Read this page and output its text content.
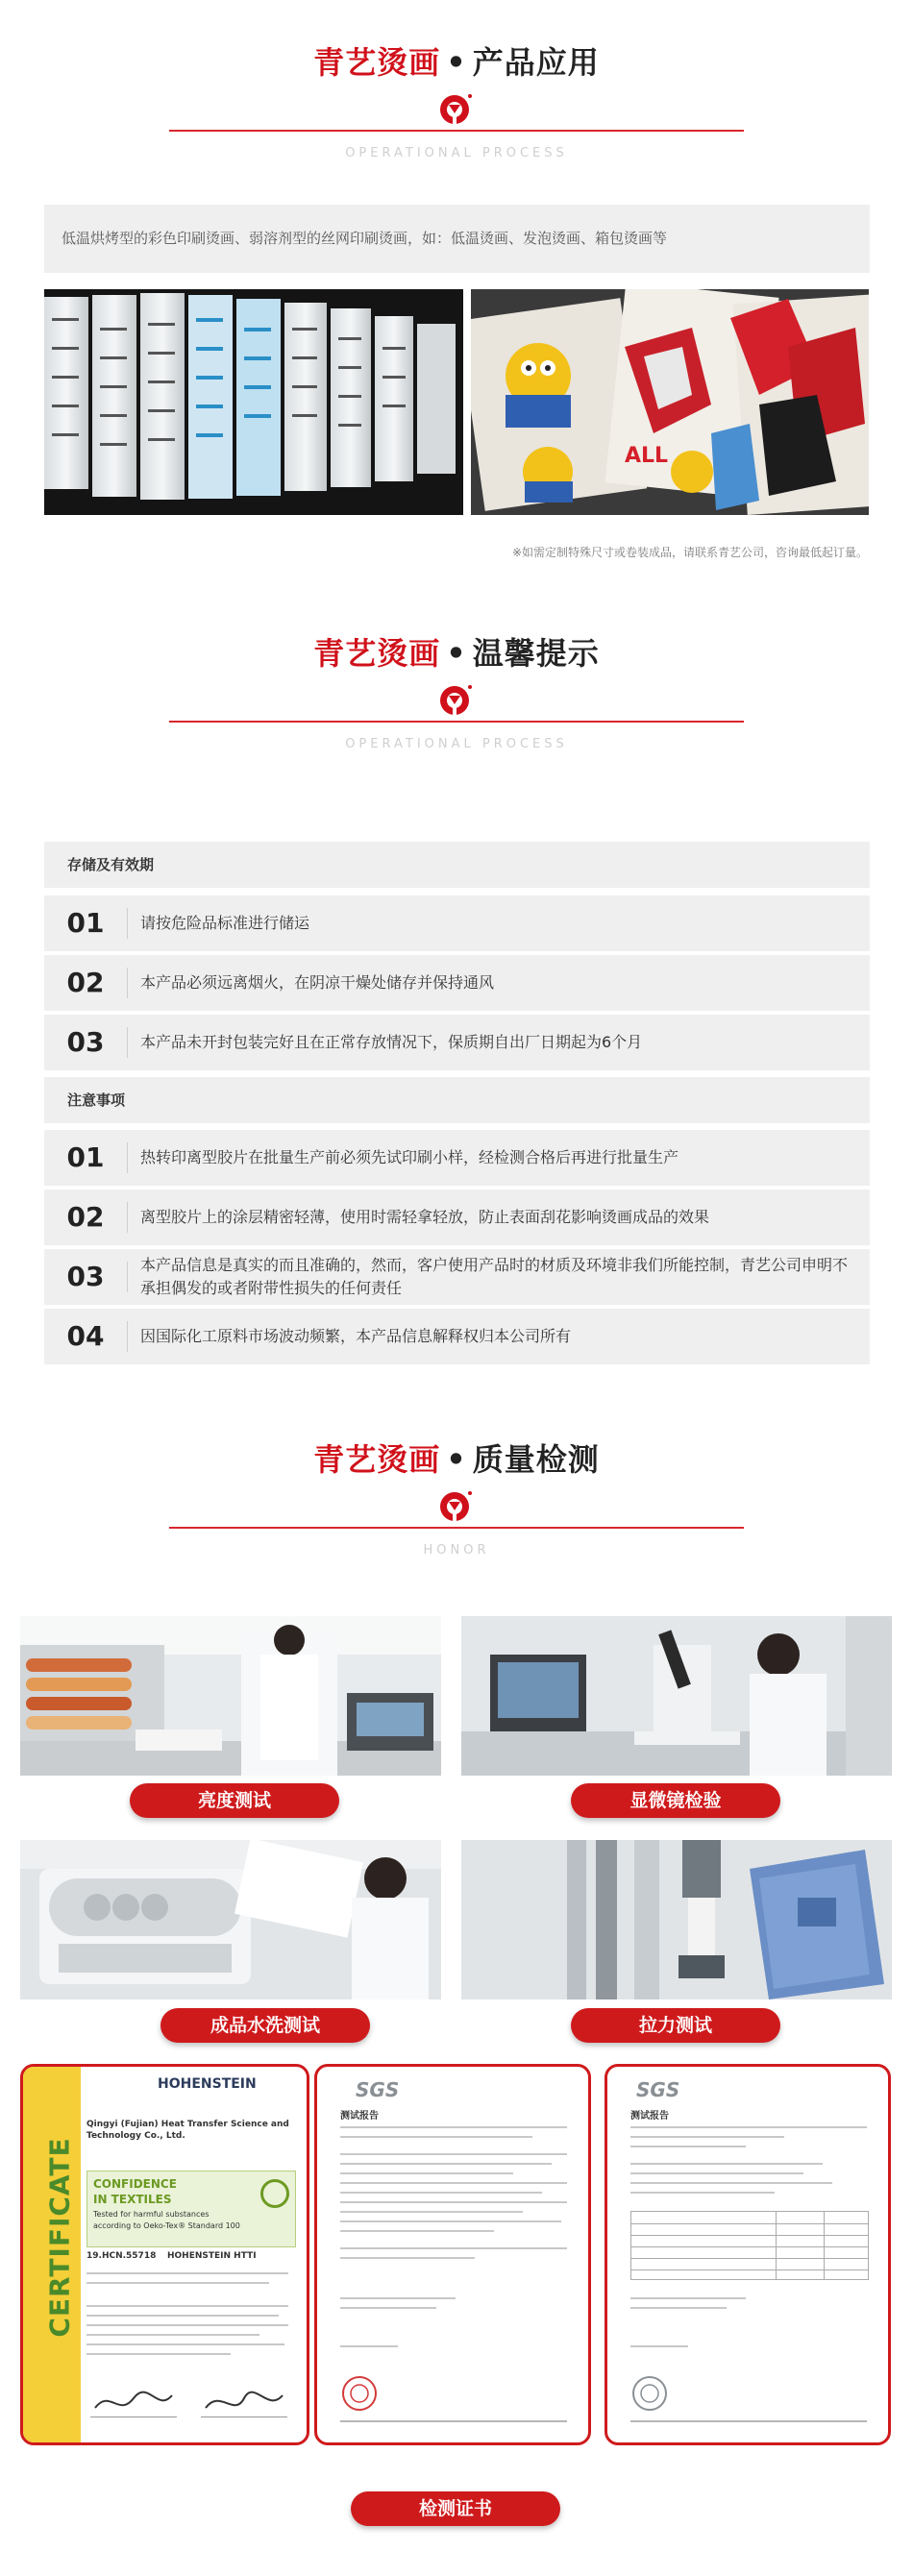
青艺烫画 • 产品应用
OPERATIONAL PROCESS
低温烘烤型的彩色印刷烫画、弱溶剂型的丝网印刷烫画，如：低温烫画、发泡烫画、箱包烫画等
ALL
※如需定制特殊尺寸或卷装成品，请联系青艺公司，咨询最低起订量。
青艺烫画 • 温馨提示
OPERATIONAL PROCESS
存储及有效期
01	请按危险品标准进行储运
02	本产品必须远离烟火，在阴凉干燥处储存并保持通风
03	本产品未开封包装完好且在正常存放情况下，保质期自出厂日期起为6个月
注意事项
01	热转印离型胶片在批量生产前必须先试印刷小样，经检测合格后再进行批量生产
02	离型胶片上的涂层精密轻薄，使用时需轻拿轻放，防止表面刮花影响烫画成品的效果
03	本产品信息是真实的而且准确的，然而，客户使用产品时的材质及环境非我们所能控制，青艺公司申明不承担偶发的或者附带性损失的任何责任
04	因国际化工原料市场波动频繁，本产品信息解释权归本公司所有
青艺烫画 • 质量检测
HONOR
亮度测试	显微镜检验
成品水洗测试	拉力测试
CERTIFICATE
HOHENSTEIN
Qingyi (Fujian) Heat Transfer Science and Technology Co., Ltd.
CONFIDENCE
IN TEXTILES
Tested for harmful substances
according to Oeko-Tex® Standard 100
19.HCN.55718 HOHENSTEIN HTTI
SGS
测试报告
SGS
测试报告
检测证书
